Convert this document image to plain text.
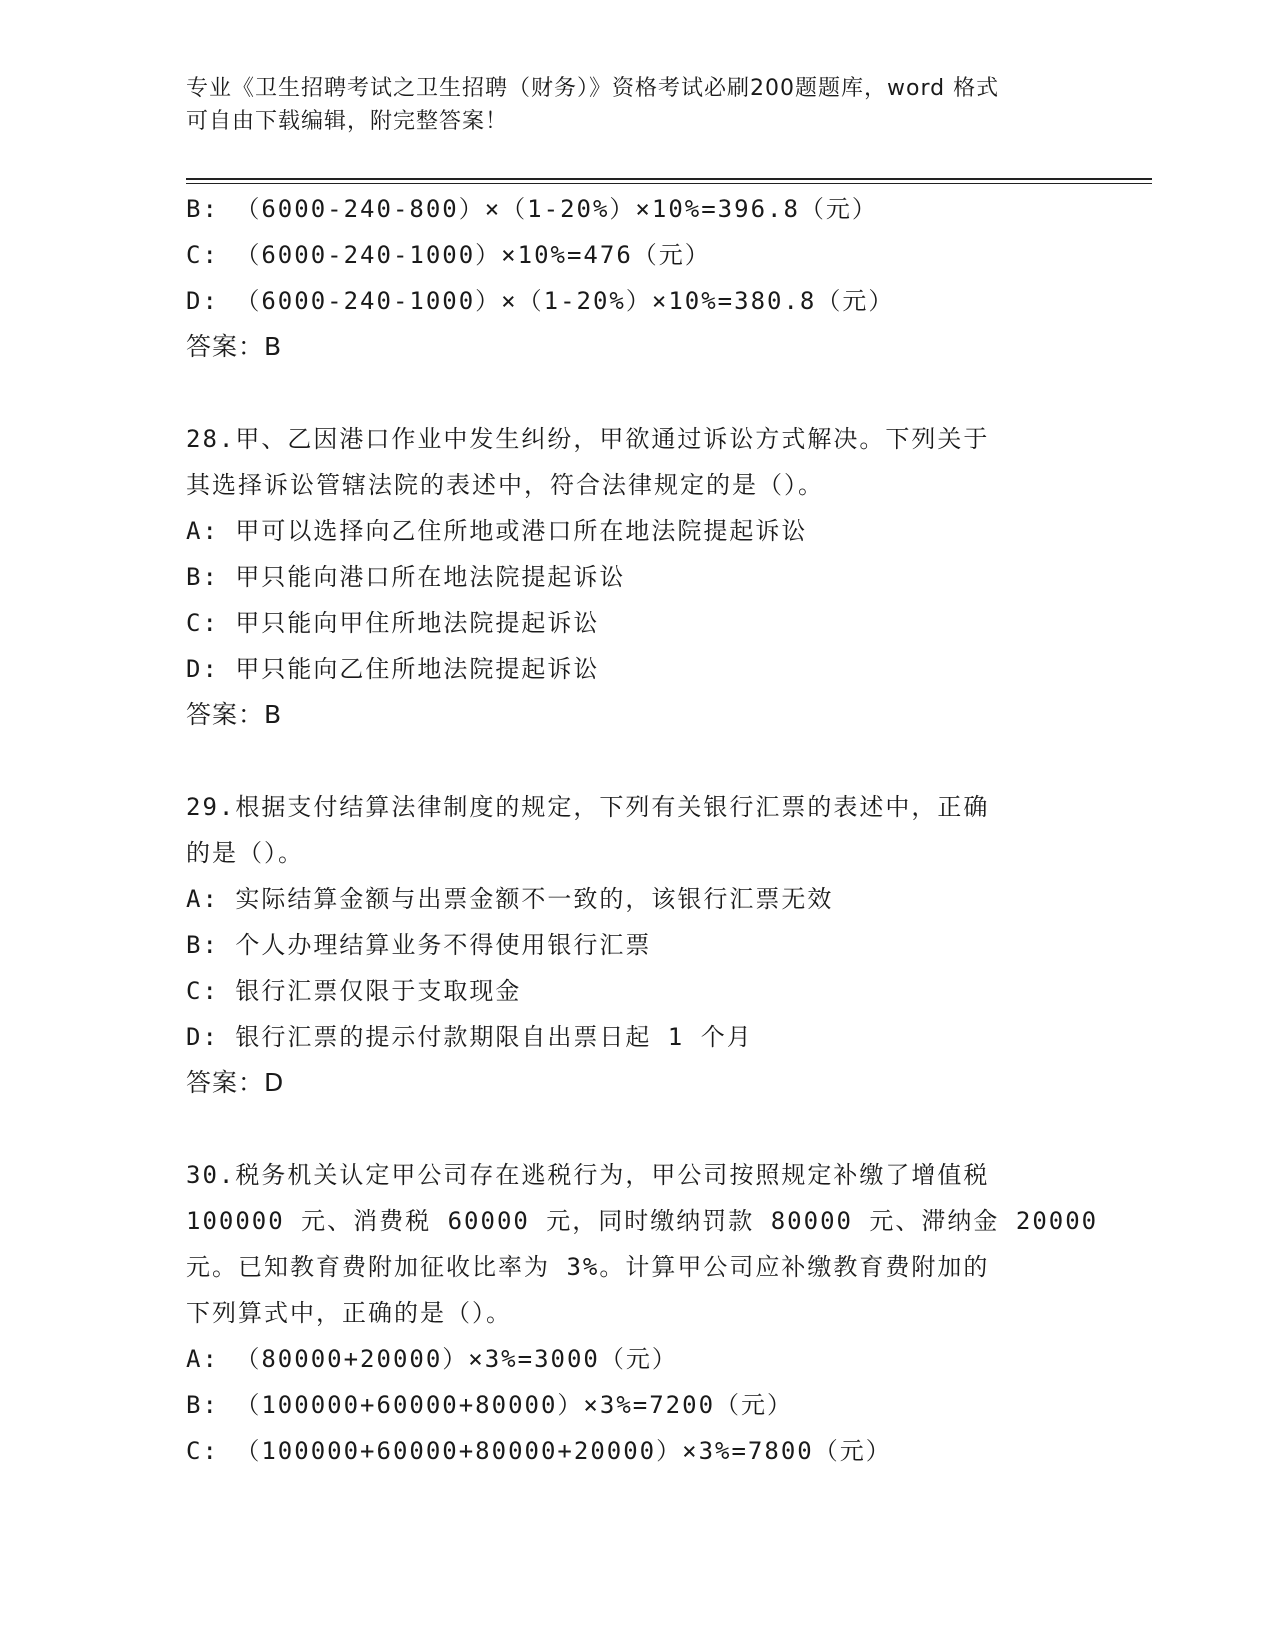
专业《卫生招聘考试之卫生招聘（财务）》资格考试必刷200题题库，word 格式

可自由下载编辑，附完整答案！

B: （6000-240-800）×（1-20%）×10%=396.8（元）
C: （6000-240-1000）×10%=476（元）
D: （6000-240-1000）×（1-20%）×10%=380.8（元）
答案：B
28.甲、乙因港口作业中发生纠纷，甲欲通过诉讼方式解决。下列关于
其选择诉讼管辖法院的表述中，符合法律规定的是（）。
A: 甲可以选择向乙住所地或港口所在地法院提起诉讼
B: 甲只能向港口所在地法院提起诉讼
C: 甲只能向甲住所地法院提起诉讼
D: 甲只能向乙住所地法院提起诉讼
答案：B
29.根据支付结算法律制度的规定，下列有关银行汇票的表述中，正确
的是（）。
A: 实际结算金额与出票金额不一致的，该银行汇票无效
B: 个人办理结算业务不得使用银行汇票
C: 银行汇票仅限于支取现金
D: 银行汇票的提示付款期限自出票日起 1 个月
答案：D
30.税务机关认定甲公司存在逃税行为，甲公司按照规定补缴了增值税
100000 元、消费税 60000 元，同时缴纳罚款 80000 元、滞纳金 20000
元。已知教育费附加征收比率为 3%。计算甲公司应补缴教育费附加的
下列算式中，正确的是（）。
A: （80000+20000）×3%=3000（元）
B: （100000+60000+80000）×3%=7200（元）
C: （100000+60000+80000+20000）×3%=7800（元）
